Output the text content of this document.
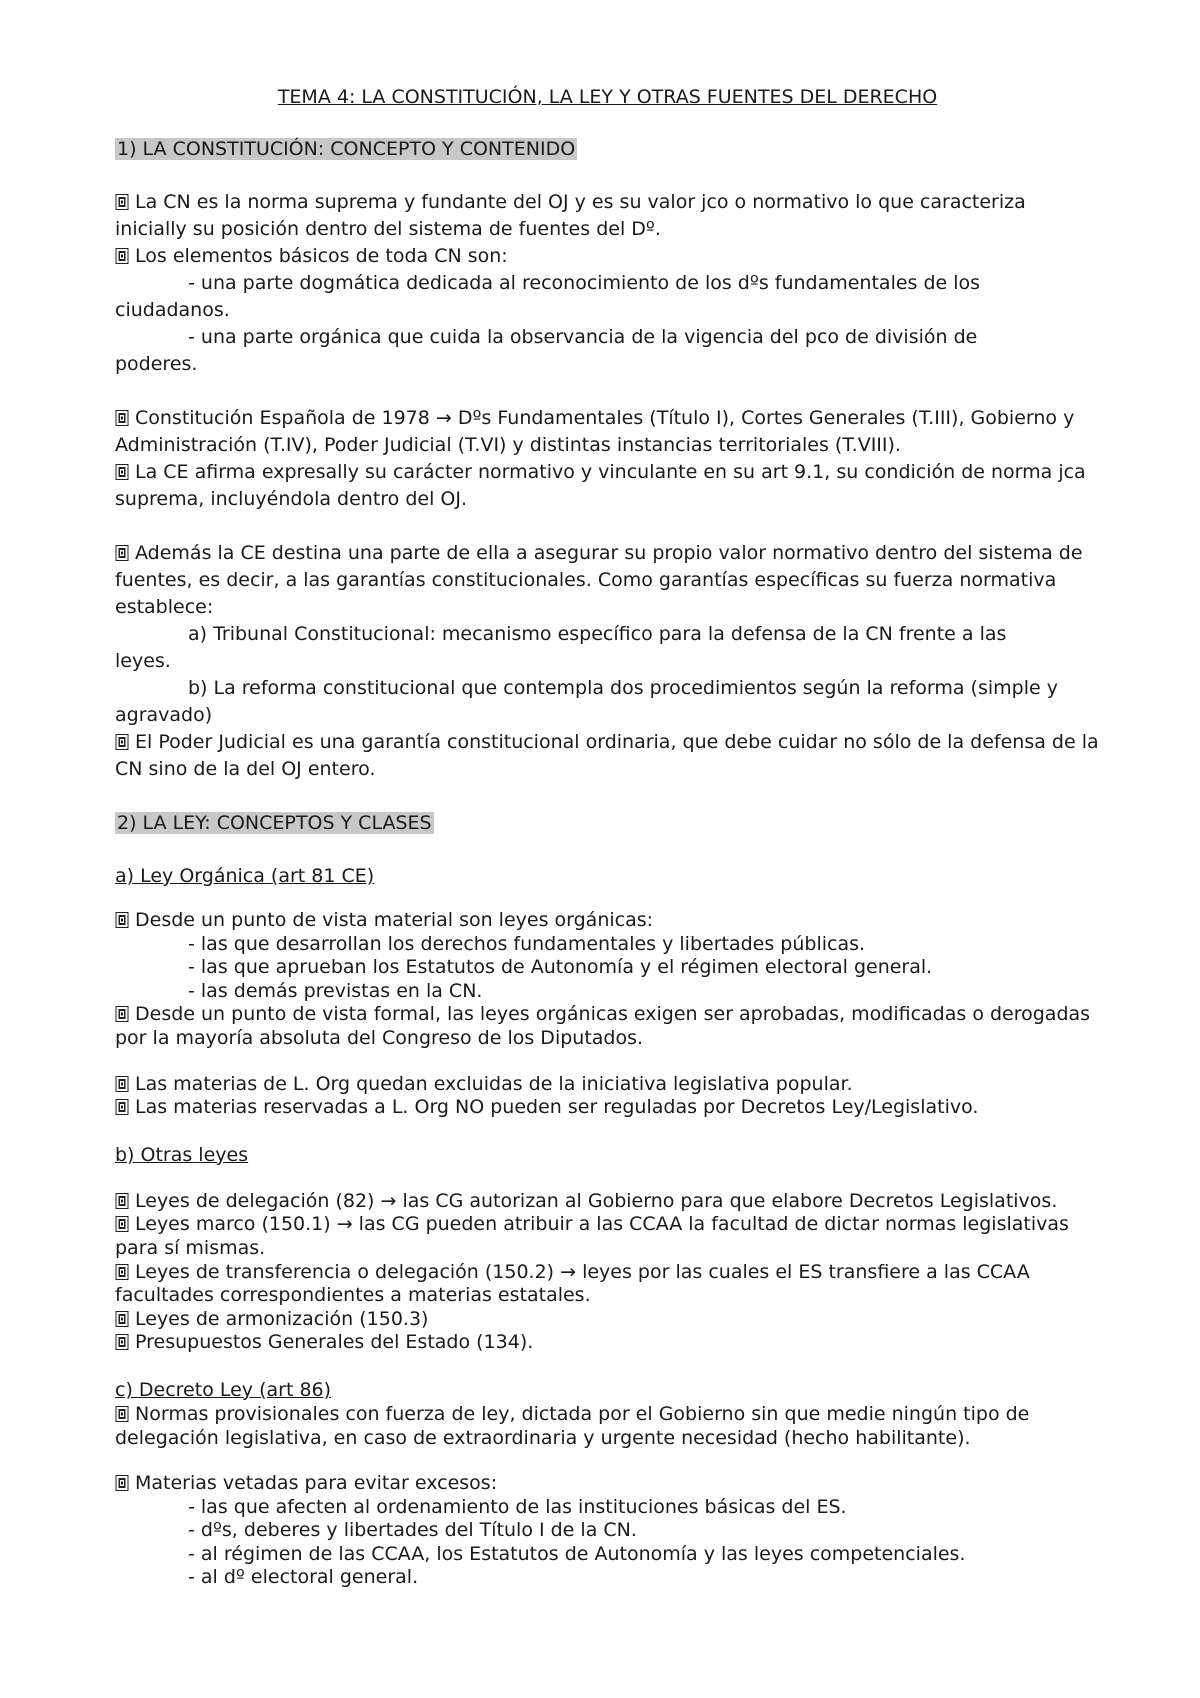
TEMA 4: LA CONSTITUCIÓN, LA LEY Y OTRAS FUENTES DEL DERECHO
1) LA CONSTITUCIÓN: CONCEPTO Y CONTENIDO

La CN es la norma suprema y fundante del OJ y es su valor jco o normativo lo que caracteriza inicially su posición dentro del sistema de fuentes del Dº.

Los elementos básicos de toda CN son:

- una parte dogmática dedicada al reconocimiento de los dºs fundamentales de los

ciudadanos.

- una parte orgánica que cuida la observancia de la vigencia del pco de división de

poderes.

Constitución Española de 1978 → Dºs Fundamentales (Título I), Cortes Generales (T.III), Gobierno y Administración (T.IV), Poder Judicial (T.VI) y distintas instancias territoriales (T.VIII).

La CE afirma expresally su carácter normativo y vinculante en su art 9.1, su condición de norma jca suprema, incluyéndola dentro del OJ.

Además la CE destina una parte de ella a asegurar su propio valor normativo dentro del sistema de fuentes, es decir, a las garantías constitucionales. Como garantías específicas su fuerza normativa establece:

a) Tribunal Constitucional: mecanismo específico para la defensa de la CN frente a las

leyes.

b) La reforma constitucional que contempla dos procedimientos según la reforma (simple y

agravado)

El Poder Judicial es una garantía constitucional ordinaria, que debe cuidar no sólo de la defensa de la CN sino de la del OJ entero.

2) LA LEY: CONCEPTOS Y CLASES
a) Ley Orgánica (art 81 CE)

Desde un punto de vista material son leyes orgánicas:

- las que desarrollan los derechos fundamentales y libertades públicas.

- las que aprueban los Estatutos de Autonomía y el régimen electoral general.

- las demás previstas en la CN.

Desde un punto de vista formal, las leyes orgánicas exigen ser aprobadas, modificadas o derogadas por la mayoría absoluta del Congreso de los Diputados.

Las materias de L. Org quedan excluidas de la iniciativa legislativa popular.

Las materias reservadas a L. Org NO pueden ser reguladas por Decretos Ley/Legislativo.

b) Otras leyes

Leyes de delegación (82) → las CG autorizan al Gobierno para que elabore Decretos Legislativos.

Leyes marco (150.1) → las CG pueden atribuir a las CCAA la facultad de dictar normas legislativas para sí mismas.

Leyes de transferencia o delegación (150.2) → leyes por las cuales el ES transfiere a las CCAA facultades correspondientes a materias estatales.

Leyes de armonización (150.3)

Presupuestos Generales del Estado (134).

c) Decreto Ley (art 86)

Normas provisionales con fuerza de ley, dictada por el Gobierno sin que medie ningún tipo de delegación legislativa, en caso de extraordinaria y urgente necesidad (hecho habilitante).

Materias vetadas para evitar excesos:

- las que afecten al ordenamiento de las instituciones básicas del ES.

- dºs, deberes y libertades del Título I de la CN.

- al régimen de las CCAA, los Estatutos de Autonomía y las leyes competenciales.

- al dº electoral general.
